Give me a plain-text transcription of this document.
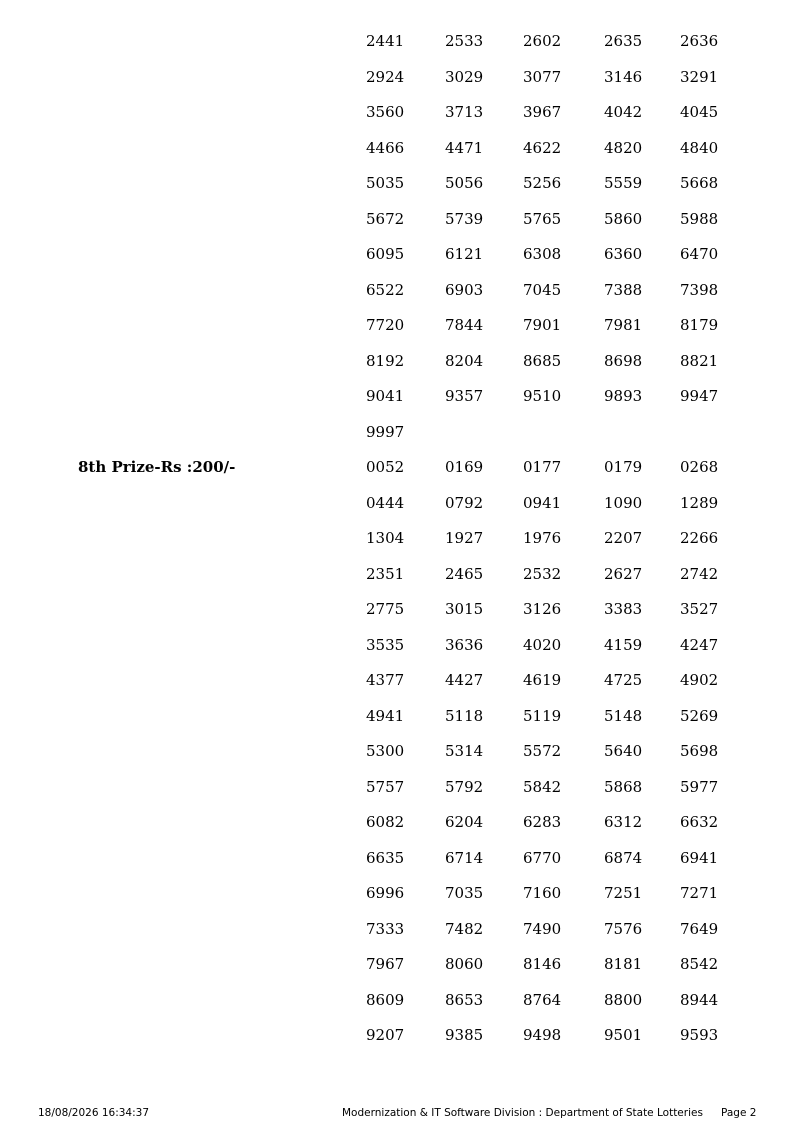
2441	2533	2602	2635	2636
2924	3029	3077	3146	3291
3560	3713	3967	4042	4045
4466	4471	4622	4820	4840
5035	5056	5256	5559	5668
5672	5739	5765	5860	5988
6095	6121	6308	6360	6470
6522	6903	7045	7388	7398
7720	7844	7901	7981	8179
8192	8204	8685	8698	8821
9041	9357	9510	9893	9947
9997
8th Prize-Rs :200/-	0052	0169	0177	0179	0268
0444	0792	0941	1090	1289
1304	1927	1976	2207	2266
2351	2465	2532	2627	2742
2775	3015	3126	3383	3527
3535	3636	4020	4159	4247
4377	4427	4619	4725	4902
4941	5118	5119	5148	5269
5300	5314	5572	5640	5698
5757	5792	5842	5868	5977
6082	6204	6283	6312	6632
6635	6714	6770	6874	6941
6996	7035	7160	7251	7271
7333	7482	7490	7576	7649
7967	8060	8146	8181	8542
8609	8653	8764	8800	8944
9207	9385	9498	9501	9593
18/08/2026 16:34:37	Modernization & IT Software Division : Department of State Lotteries Page 2
